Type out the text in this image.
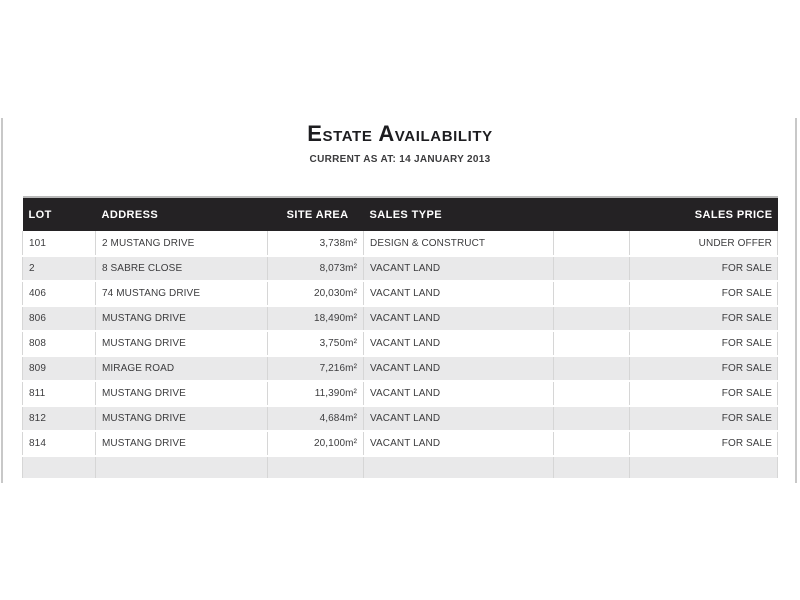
Estate Availability
CURRENT AS AT: 14 JANUARY 2013
LOT	ADDRESS	SITE AREA	SALES TYPE		SALES PRICE
101	2 MUSTANG DRIVE	3,738m²	DESIGN & CONSTRUCT		UNDER OFFER
2	8 SABRE CLOSE	8,073m²	VACANT LAND		FOR SALE
406	74 MUSTANG DRIVE	20,030m²	VACANT LAND		FOR SALE
806	MUSTANG DRIVE	18,490m²	VACANT LAND		FOR SALE
808	MUSTANG DRIVE	3,750m²	VACANT LAND		FOR SALE
809	MIRAGE ROAD	7,216m²	VACANT LAND		FOR SALE
811	MUSTANG DRIVE	11,390m²	VACANT LAND		FOR SALE
812	MUSTANG DRIVE	4,684m²	VACANT LAND		FOR SALE
814	MUSTANG DRIVE	20,100m²	VACANT LAND		FOR SALE
